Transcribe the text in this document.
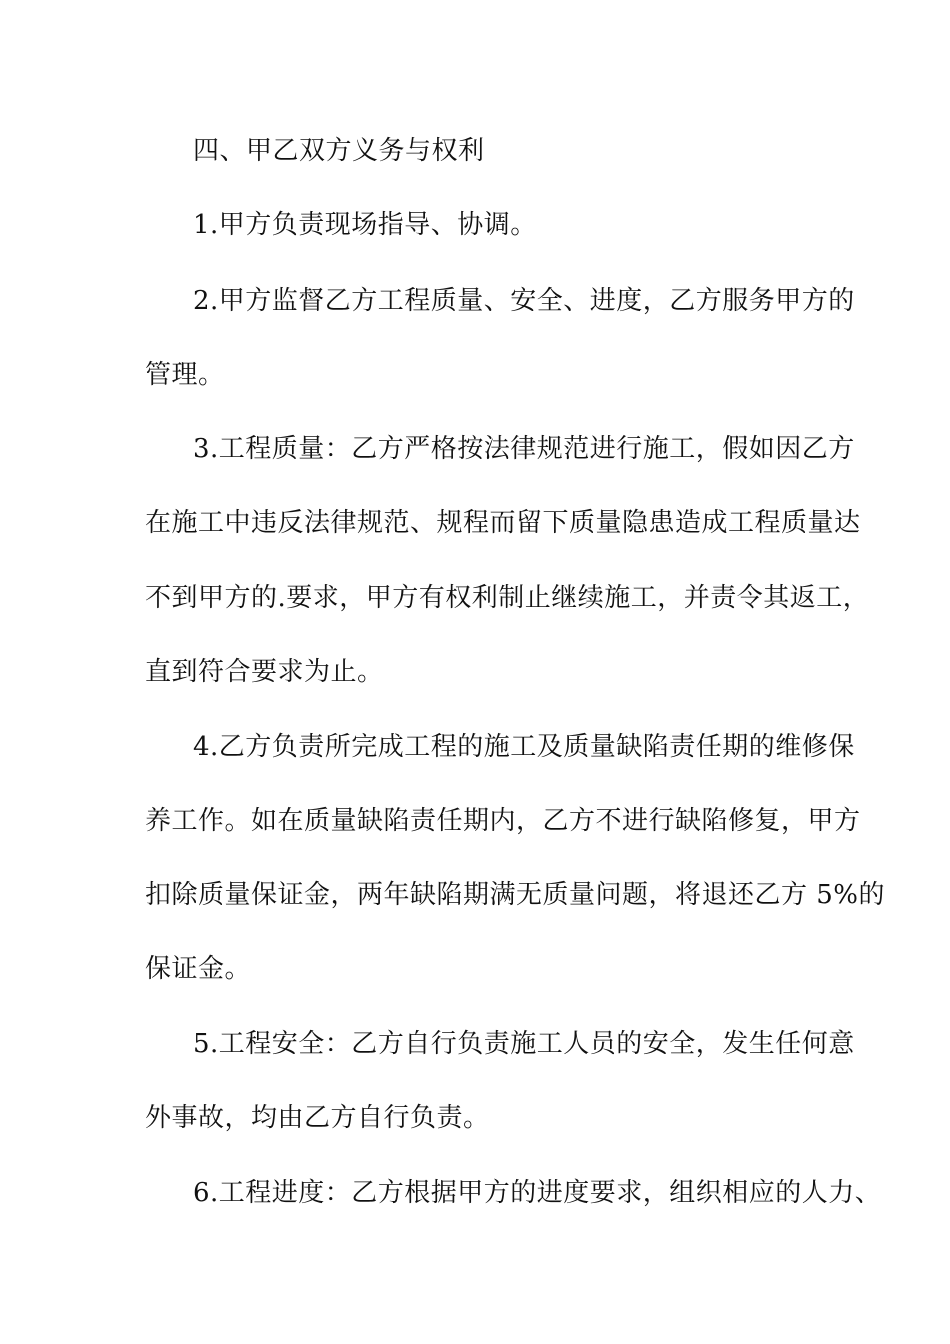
四、甲乙双方义务与权利
1.甲方负责现场指导、协调。
2.甲方监督乙方工程质量、安全、进度，乙方服务甲方的
管理。
3.工程质量：乙方严格按法律规范进行施工，假如因乙方
在施工中违反法律规范、规程而留下质量隐患造成工程质量达
不到甲方的.要求，甲方有权利制止继续施工，并责令其返工，
直到符合要求为止。
4.乙方负责所完成工程的施工及质量缺陷责任期的维修保
养工作。如在质量缺陷责任期内，乙方不进行缺陷修复，甲方
扣除质量保证金，两年缺陷期满无质量问题，将退还乙方 5%的
保证金。
5.工程安全：乙方自行负责施工人员的安全，发生任何意
外事故，均由乙方自行负责。
6.工程进度：乙方根据甲方的进度要求，组织相应的人力、
